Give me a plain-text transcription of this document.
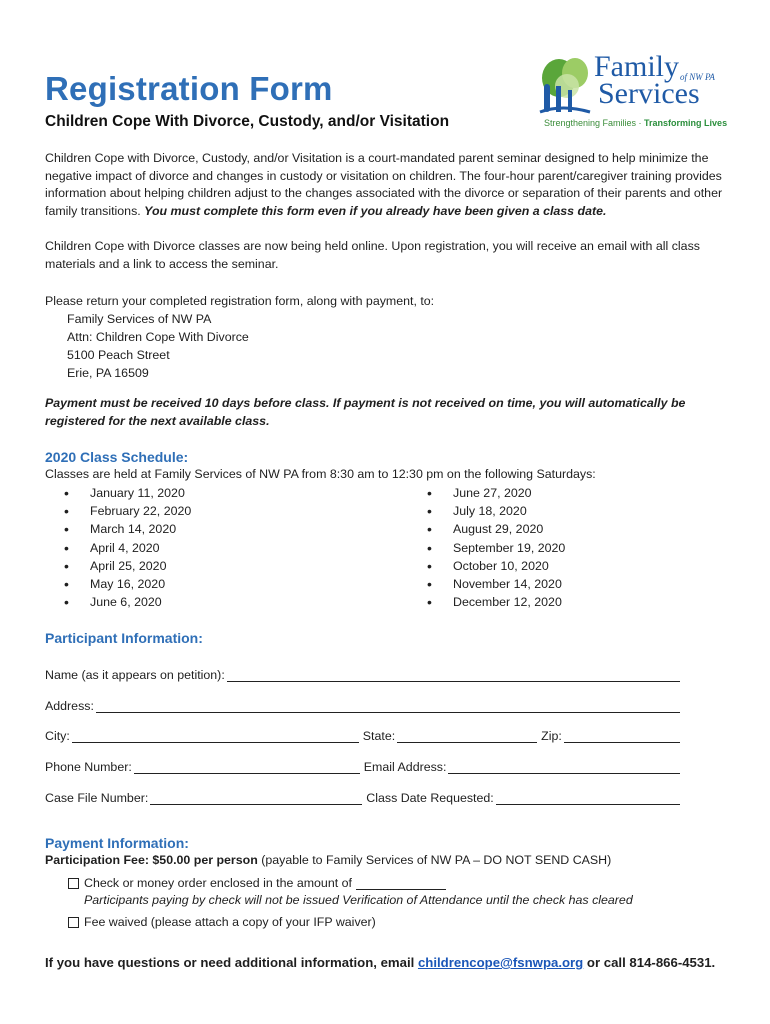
Registration Form
Children Cope With Divorce, Custody, and/or Visitation
Family of NW PA
Services
Strengthening Families · Transforming Lives
Children Cope with Divorce, Custody, and/or Visitation is a court-mandated parent seminar designed to help minimize the negative impact of divorce and changes in custody or visitation on children. The four-hour parent/caregiver training provides information about helping children adjust to the changes associated with the divorce or separation of their parents and other family transitions. You must complete this form even if you already have been given a class date.
Children Cope with Divorce classes are now being held online. Upon registration, you will receive an email with all class materials and a link to access the seminar.
Please return your completed registration form, along with payment, to:
Family Services of NW PA
Attn: Children Cope With Divorce
5100 Peach Street
Erie, PA 16509
Payment must be received 10 days before class. If payment is not received on time, you will automatically be registered for the next available class.
2020 Class Schedule:
Classes are held at Family Services of NW PA from 8:30 am to 12:30 pm on the following Saturdays:
• January 11, 2020
• February 22, 2020
• March 14, 2020
• April 4, 2020
• April 25, 2020
• May 16, 2020
• June 6, 2020
• June 27, 2020
• July 18, 2020
• August 29, 2020
• September 19, 2020
• October 10, 2020
• November 14, 2020
• December 12, 2020
Participant Information:
Name (as it appears on petition):
Address:
City:	State:	Zip:
Phone Number:	Email Address:
Case File Number:	Class Date Requested:
Payment Information:
Participation Fee: $50.00 per person (payable to Family Services of NW PA – DO NOT SEND CASH)
Check or money order enclosed in the amount of
Participants paying by check will not be issued Verification of Attendance until the check has cleared
Fee waived (please attach a copy of your IFP waiver)
If you have questions or need additional information, email childrencope@fsnwpa.org or call 814-866-4531.
